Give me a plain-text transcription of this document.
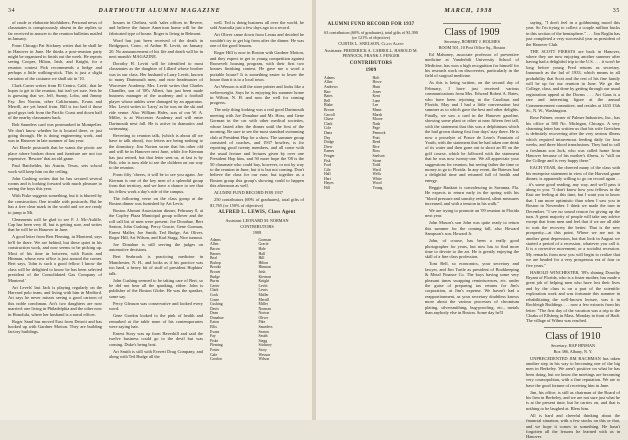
34	DARTMOUTH ALUMNI MAGAZINE

of crude or elaborate hitchhikers. Personal news of classmates is conspicuously absent in the replies so far received in answer to the reunion bulletins mailed in January.

From Chicago Pat Stickney writes that he shall be in Hanover in June. He thinks a post-reunion party might be organized to finish out the week. He reports seeing Cooper, Hilton, Irish, and Knight, for a reunion contest Pick recommends a hedge and perhaps a little walking-stick. This is just a slight variation of the costume we shall stir in '10.

Clark Carter writes from El Centro, Calif., that he hopes to get to the reunion, but isn't yet sure. Sets he is guessing that we, Jeff, Sunny, Lobo, and Jimmy Fay. Jim Norton, other Californians, Evans and Merrill, are yet heard from. Bill is too bad if those good guys trek from the Pacific Coast and down half of the nearby classmates back.

Bob Saunders card was postmarked in Montpelier. We don't know whether he is located there, or just going through. He is doing engineering work, and was in Hanover in late summer of last year.

Art Eberle postcards that he wants the picnic are place where broken down and furniture are not too expensive. 'Beware' that an old game.

Paul Batchelder, his Austin, Texas, sets school work will keep him on the ceiling.

John Cushing writes that he has secured several rooms and is looking forward with much pleasure to seeing the boys this year.

With Fiske suggests something, but it is blurred by the construction. One trouble with postcards. But he has a free clear mark in the world and we are ready to jump to Mt.

Clemments will be glad to see F. J. Mc-Auliffe. Cap has been very ill, but is getting sure, and writes that he will be in Hanover in June.

A good letter from Bert Fleming, in Montreal, says he'll be there. We are behind, but these quiet in his construction work, and now seems to be picking up. Most of his time in between, with Eustis and Hinman, whose new office is just around the corner. Bert says, 'John is such a good fellow I know the class will be delighted to know he has been selected president of the Consolidated Gas Company of Montreal.'

Art Levels' last Jack is playing regularly on the Harvard polo team, and living with him in Medford. Art says he never misses seeing a good cartoon of this noble conchman. Art's two daughters are now married: one living in Philadelphia and the other now in Honolulu, where her husband is a naval officer.

Roger Sand has moved East from Detroit and has hooked up with Gardner Motion. They are building factory buildings.

houses in Chelsea, with 'sales offices in Revere, and believe the future American home will be the fabricated type of house. Roger is living in Belmont.

Word has just been received of the death in Bridgeport, Conn., of Arthur H. Levitt, on January 20. No announcement of his life and death will be in next month's MAGAZINE.

Dorothy H. Levitt will be identified to most classmates as the daughter of Lillard whose brother was in our class. Her husband a Larry Levitt, known to many Dartmouth men, and now headmaster of Worcester Academy. Mrs. Levitt writes that Charles Chandler, son of '08's Albert, has just been made business manager of the academy and a football player whose ankles were damaged by an apparatus. Mrs. Levitt writes to 'Larry' as he was on the ski and ride venue. Also William Hales, son of our W. A. Miller, is at Worcester Academy and will enter Dartmouth next fall. He is active in dramatics and swimming.

Reverting to reunion talk, (which is about all we have to talk about), two letters are being nothing to the dormitory. Jim Norton wrote that his other old and will be in Hanover next June, while Joe Kiernan has just retired, but that letter sent us, at last is by Bob, who is now able to see the children on our way to the reunion.

From fifty 'cheers, it will be to see you again. Joe Kiernan is one of the key men of a splendid group from that territory, and we have a chance to see that his fellow work a day's ride of the campus.

The following verse on the class group at the Boston dinner was furnished by Art Levis:

Boston Alumni Association dinner, February 8, at the Copley Plaza Municipal group rollover and the roll call list of men were present: Joe Donahue, Bert Seaton, John Cushing, Percy Gracie, Gene Gorman, Ernest Maller, Joe Smith, Ted Budge, Art Oliver, Roger Hill, Art Wilson, and Karl Stagg. Nice turnout.

Joe Donahue is still serving the judges on automotive decisions.

Bert Seabrook is practicing medicine in Manchester, N. H., and looks as if his practice was too hard, a heavy bit of stuff of president Hopkins' talk.

John Cushing seemed to be taking care of Bert, so he did not hear all the speaking, either. John is publisher of the Boston Globe. He was the speaker, some say.

Percy Gleason was conservative and looked every word.

Gene Gordon looked to the pink of health and remarked at the table none of his contemporaries were saying hair.

Ernest Story was up from Haverhill and said the twelve business could go to the devil but was coming. Duke's being host.

Art Smith is still with Everett Drug Company, and along with Ted Budge all the

well. Ted is doing business all over the world, he sold Australia just a few days ago in a record.

Art Oliver came down from Leona and decided he wouldn't try to get big from after the dinner. He was one of the good lessons.

Roger Hill is now in Boston with Gardner Motion, and they expect to get to young competition against Roosevelt housing program, with their first two houses finishing contest. He gave me a word a portable house? It is something easier to lower the house than it is to a local town.

Art Wesson is still the store printer and looks like a welterweight. Says he is enjoying his summer home in Wilton, N. H. and now the well for coming progress.

The only thing looking was a real good Dartmouth meeting with Joe Donahue and Mr. Hoss, and Gene Gorman in the car with other medical societies, whose lasted after the dinner until the first of the morning. Be sure to see the most standard swimming club at President Hop for a show. The summer group consisted of coaches, and 1937 bowlers, is for reporting good twenty members, and all come with the usual lecture and lectures given by over one President Hop kins, and 50 more hope the '08 is the 50 classmate who could buy, however, or not by way to the reunion in June, but it is but not coming. Don't believe the class for our ease, but together as a Boston group this group's showing could to happen this afternoon as well.

ALUMNI FUND RECORD FOR 1937

250 contributors (69% of graduates), total gifts of $1,765 (or 150% of objective)

ALFRED L. LEWIS, Class Agent
Assistant: LEONARD M. NORMAN
CONTRIBUTORS
1908
Adams
Allen
Bacon
Barnes
Beal
Bishop
Brooks
Brown
Budge
Burns
Carter
Clark
Cook
Crane
Cushing
Davis
Dean
Donahue
Eaton
Ellis
Evans
Fay
Fiske
Fleming
Foster
Gale
Gordon
Gorman
Gracie
Hale
Hall
Hill
Hilton
Hinman
Irish
Kiernan
Knight
Levitt
Lewis
Maller
Merrill
Miller
Norman
Norton
Oliver
Pike
Saunders
Seaton
Smith
Stagg
Stickney
Story
Wesson
Wilson
MARCH, 1938	35
ALUMNI FUND RECORD FOR 1937
63 contributors (60% of graduates), total gifts of $1,390 (or 121% of objective)
CURTIS L. SNELSON, Class Agent
Assistants: FREDERICK A. CARROLL, HAROLD M. PENNOCK, FRANK J. FENGER
CONTRIBUTORS
1909
Adams
Allen
Andrews
Barr
Bates
Bell
Blake
Brown
Carroll
Chase
Clark
Cole
Dana
Day
Dodge
Drew
Eames
Fenger
Fisk
Ford
Gile
Hall
Hart
Hayes
Hill
Holt
Howe
Hunt
Jones
Kent
Lane
Lee
Mann
Marsh
Moore
Nash
Page
Pennock
Pratt
Reed
Rice
Ross
Snelson
Stone
Todd
Ward
Wells
White
Wood
Young
Class of 1909
Secretary, ROBERT J. HOLMES
ROOM 501, 10 Post Office Sq., Boston

Ed Mahoney, associate professor of preventive medicine at Vanderbilt University School of Medicine, has won a high recognition for himself for his research work on discoveries, particularly in the field of surgical medicine.

As this is being written, on the second day of February, I have just received various communications from Mrs. Edward Robert A. Bates, who have been rejoining in the Carolinas and Florida. May and I had a little conversation last summer as to which gave the best and other delights. Finally, we saw a card in the Hanover gasoline, showing some plant or other at near fifteen feet tall, with the statement that this was a delphinium which the had grown during first four days' stay there. He is now a proselyte of Ponce de Leon's Fountain of Youth, with the statement that he had taken one drink of its water and then gone out to shoot an 85 on the golf course, which he followed with the statement that he was now twenty-one. We all appreciate your suggestions for reunion, but seeing father the time or money to go to Florida. In any event, the Bateses had a delightful time and returned full of health and energy.

Reggie Bankart is convalescing in Savanna, Fla. He expects to return early in the spring with his "blood pressure and sanctity reduced, silent measures increased, and with a tension in his walk."

We are trying to promote an '09 reunion in Florida next year.

John Mason's son John was quite ready to return this summer for the coming fall, also Howard Sampson's son, Howard Jr.

John, of course, has been a really good photographer for years, but now has to find more time to devote to the art. He is greatly enjoying the skill of a fine class profession.

Tom Bell, so economics, your secretary and lawyer, and Jim Turtle as president of Bookkeeping & Metal Finance Co. The boys having some very pleasant times swapping reminiscences, etc. under the guise of preparing tax returns for Jim's corporation, at Jim's expense. We haven't had a reapportionment, as your secretary doubtless knows more about the various processes of chromium plating, silversmithing, bug-proofing, etc., metals than anybody else in Boston. Some day he'll

saying, "I don't feel in a goldmining mood this year. So I'm trying to collect a couple million bucks in this section of the hemisphere." . . . Jim Roglin has just completed a very successful year as president of the Hanover Club.

THE SCOTT FIERSTS are back in Hanover, where they are now enjoying another summer after having had a delightful trip to the U.S. . . . it won't be long before young Fred returns as secretary. Inasmuch as the lad of 1933, which means in all probability that Scott and the rest of his fine family will be up for our reunion in June. We go the College, class, and done by getting through our usual registration appeal at the Dorms . . . Art Gaus is a rare and interesting figure at the annual Commencement committee, and resides at 1433 13th St., N. W., Washington.

Rose Palmer, owner of Palmer Industries, Inc., has his office at 580 No. Michigan, Chicago. A very charming letter has written us that his wife Gretchen is definitely recovering after the very serious illness which required intravenous feeding daily for four weeks, and three blood transfusions. They had to call a freshman son Jack, who was called home from Hanover because of his mother's illness, is "still on the College and is very happy there."

EACH YEAR, the cheered many of the class with his enterprise statement in view of the Harvard game dinner, is apparently willing to go on record again . . . it's some good reading, any way, and we'll pass it along to you: "I don't know how you fellows in the East are feeling at this time, but I want you to know that I am more optimistic than when I saw you in Boston in November. I think we made the turn in December. "I see no sound reason for giving up the turn. A great majority of people will take any advice except that from men and feel that if we are all able to wait the recovery the better. That is the new prosperity—at this point. Where we are not in another great depression, but that look in August we started a period of a recession, whatever you call it. It is a corrective movement, or a socialist recession. My remarks from now you will begin to realize that we are headed for a very prosperous era of four or five years."

HAROLD WINCHESTER, '09's shining Dorothy Bryant of Florida, who is a foster mother, has made a great job of helping men who have lost their lives and by the class is on a part of the scientific exploration work and was fortunate this summer in rehabilitating the well-known lecture, was it in Rockleigh Buildings . . . now a few extracts from his letter: "The first day of the vacation was a trip to the Cloaks of Ellsberg in Mass. Monday in front of Hadi. The village of Wilms was reached.

Class of 1910
Secretary, HAP HINMAN
Box 386, Albany, N. Y.

UNPRECEDENTED JIM BACHMAN has taken another step in his way to becoming one of the big men in Berkeley. We aren't positive on what he has been doing, but we know the meetings are becoming very cosmopolitan, with a fine reputation. We are to have the good fortune of receiving him in June.

Jim, his office, is still as chairman of the Board of his firm in Berkeley, and we are not sure just what he is at the present time, but he carries on, and that is nothing to be laughed at. Bless him.

All is hard and cheerful thinking about the financial situation, with a few stocks on this or that, and we hope it comes to something. He hasn't forgotten all the lessons he learned with us in Hanover.
